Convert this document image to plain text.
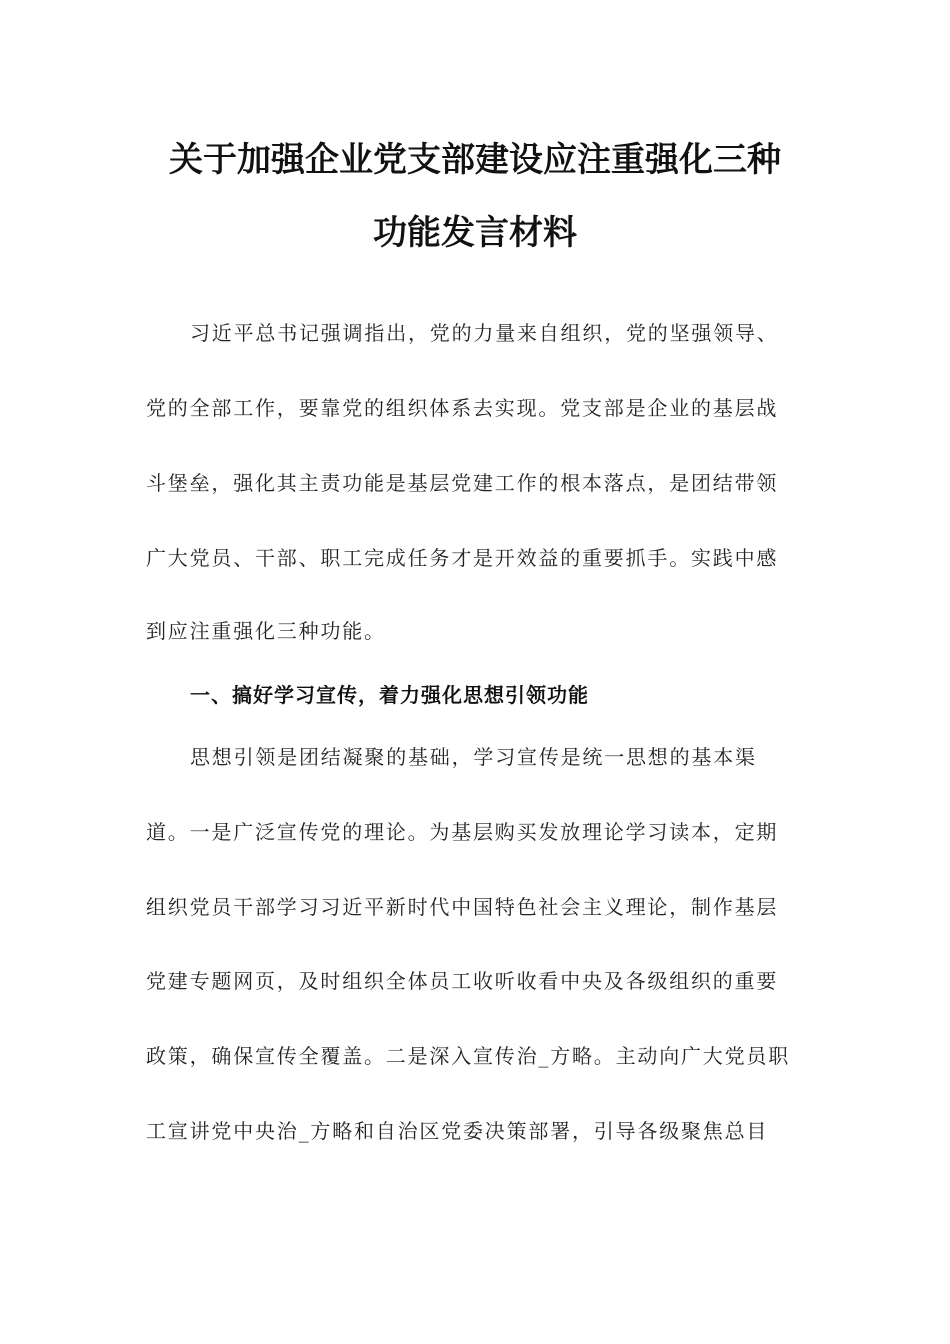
关于加强企业党支部建设应注重强化三种
功能发言材料

习近平总书记强调指出，党的力量来自组织，党的坚强领导、

党的全部工作，要靠党的组织体系去实现。党支部是企业的基层战

斗堡垒，强化其主责功能是基层党建工作的根本落点，是团结带领

广大党员、干部、职工完成任务才是开效益的重要抓手。实践中感

到应注重强化三种功能。

一、搞好学习宣传，着力强化思想引领功能

思想引领是团结凝聚的基础，学习宣传是统一思想的基本渠

道。一是广泛宣传党的理论。为基层购买发放理论学习读本，定期

组织党员干部学习习近平新时代中国特色社会主义理论，制作基层

党建专题网页，及时组织全体员工收听收看中央及各级组织的重要

政策，确保宣传全覆盖。二是深入宣传治_方略。主动向广大党员职

工宣讲党中央治_方略和自治区党委决策部署，引导各级聚焦总目
